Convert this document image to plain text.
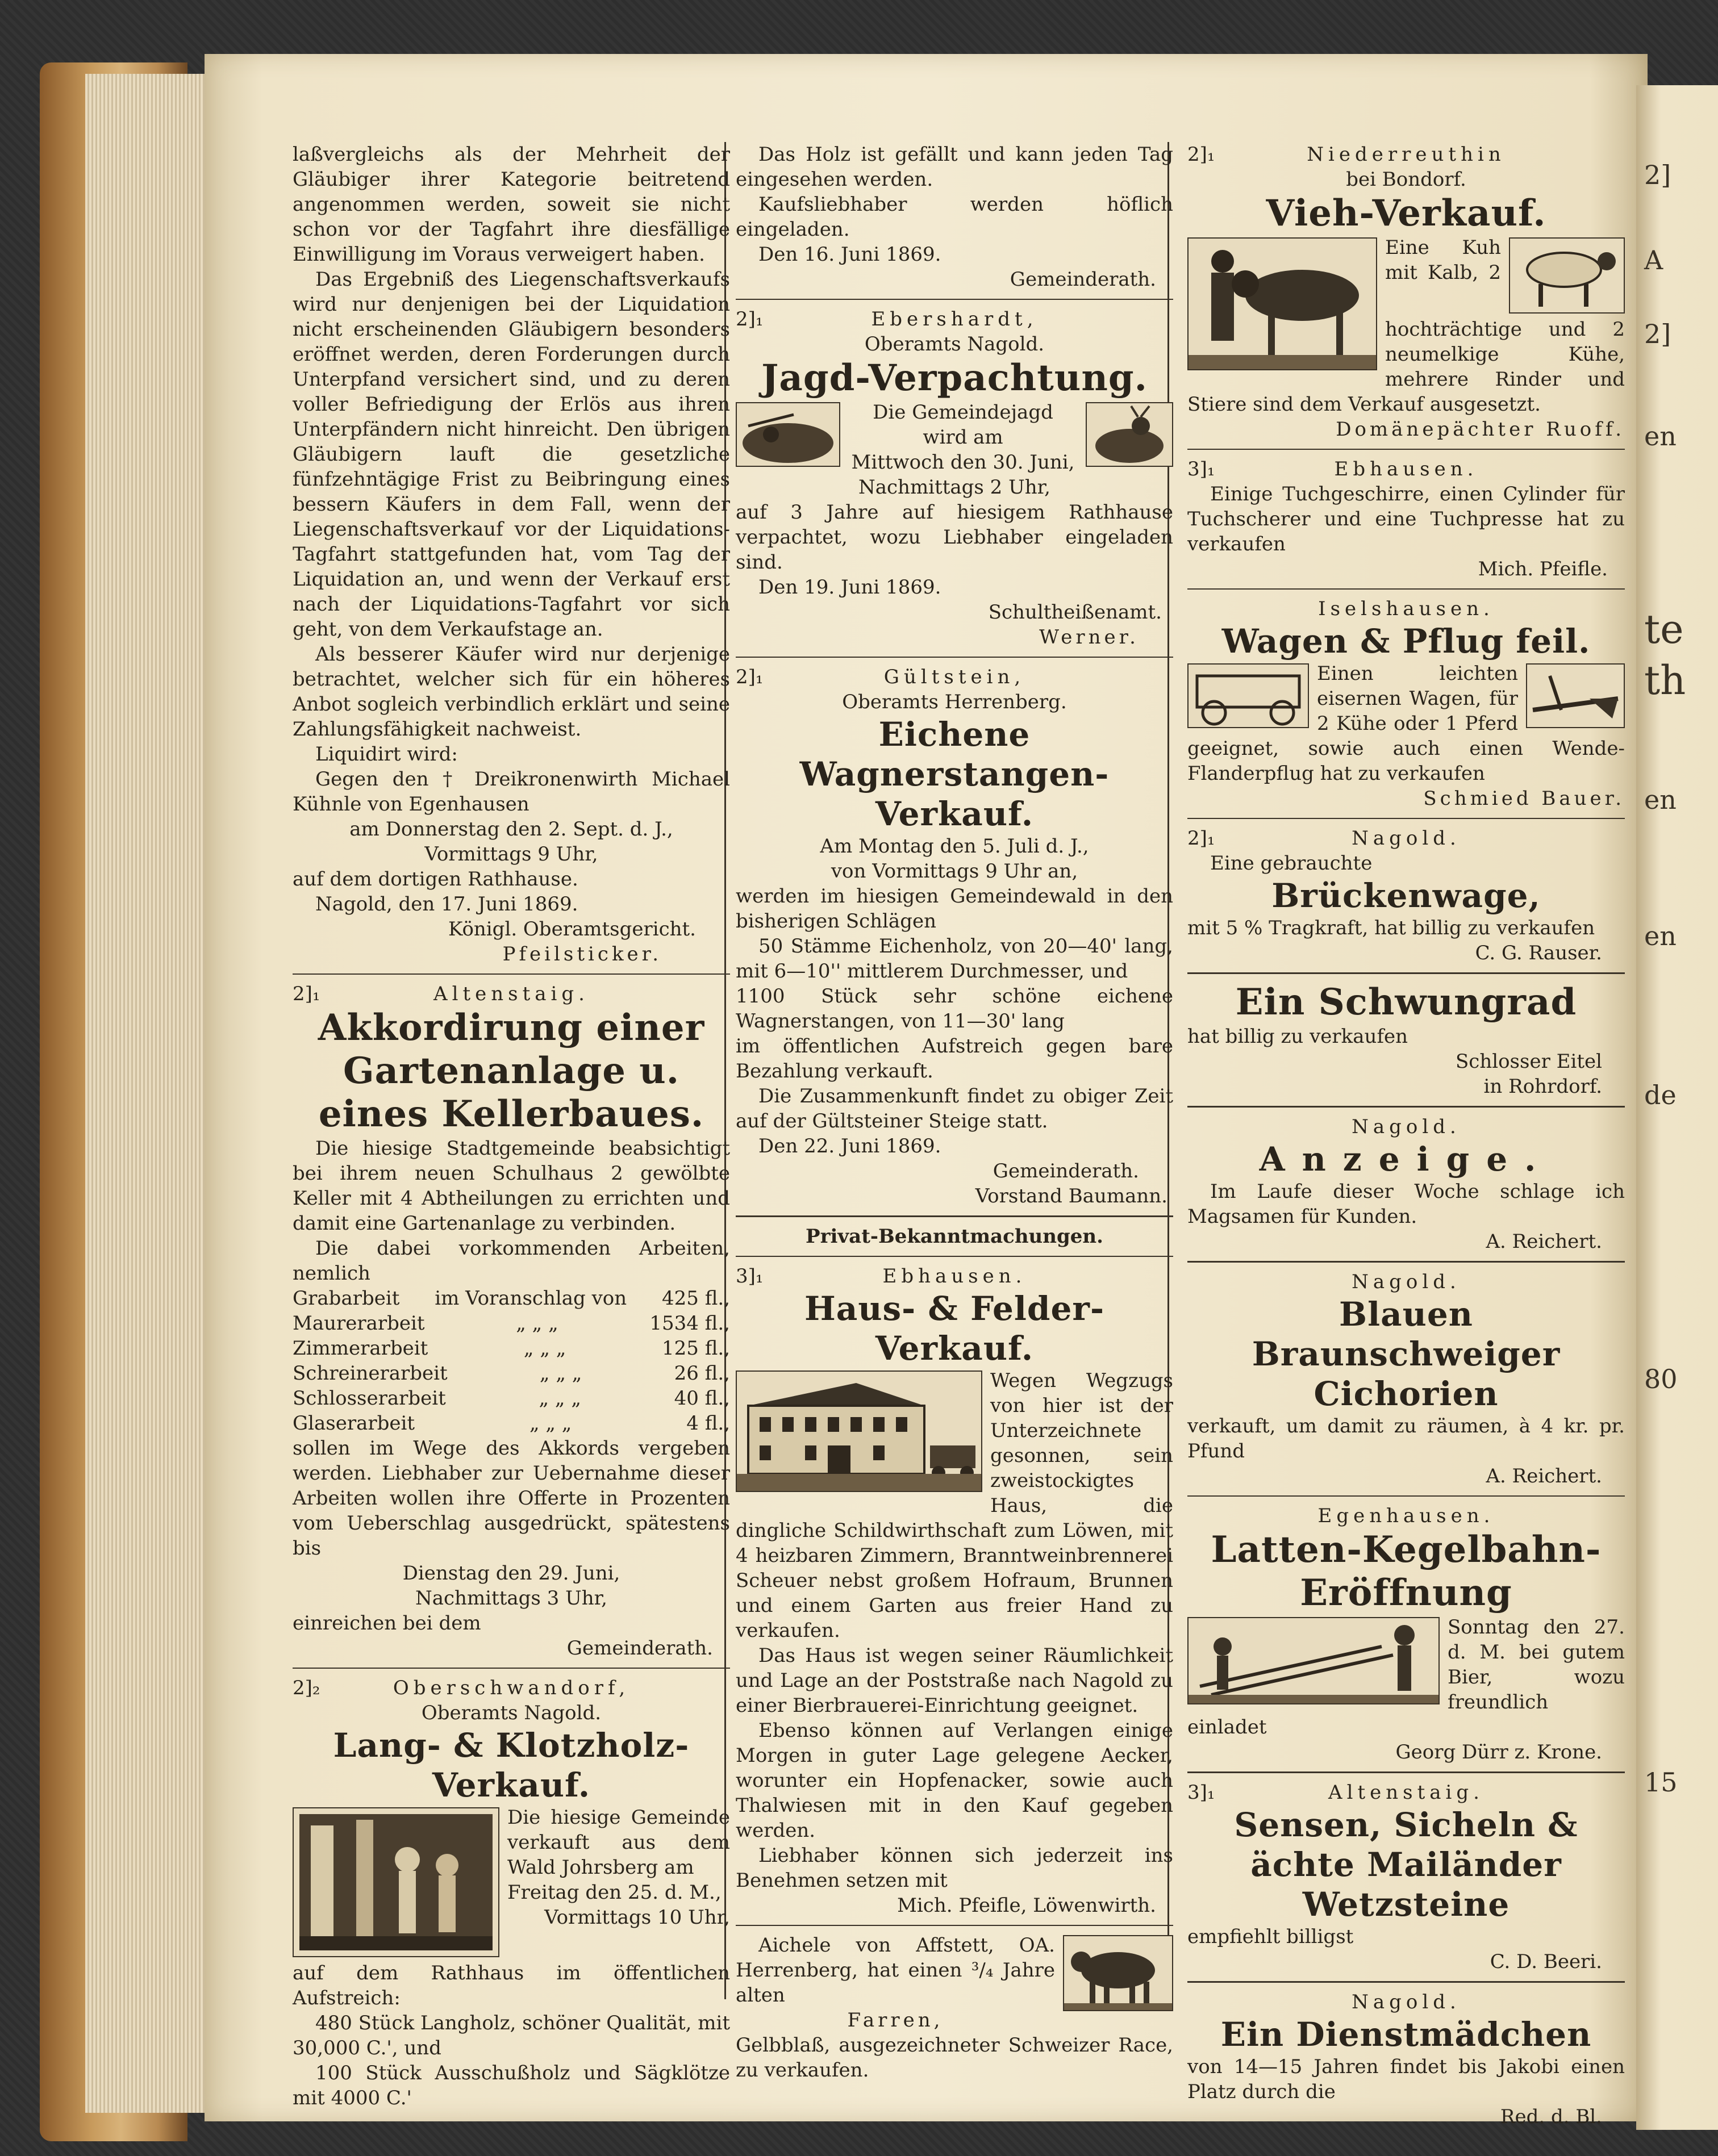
2]
A
2]
en
te
th
en
en
de
80
15

laßvergleichs als der Mehrheit der Gläubiger ihrer Kategorie beitretend angenommen werden, soweit sie nicht schon vor der Tagfahrt ihre diesfällige Einwilligung im Voraus verweigert haben.

Das Ergebniß des Liegenschaftsverkaufs wird nur denjenigen bei der Liquidation nicht erscheinenden Gläubigern besonders eröffnet werden, deren Forderungen durch Unterpfand versichert sind, und zu deren voller Befriedigung der Erlös aus ihren Unterpfändern nicht hinreicht. Den übrigen Gläubigern lauft die gesetzliche fünfzehntägige Frist zu Beibringung eines bessern Käufers in dem Fall, wenn der Liegenschaftsverkauf vor der Liquidations-Tagfahrt stattgefunden hat, vom Tag der Liquidation an, und wenn der Verkauf erst nach der Liquidations-Tagfahrt vor sich geht, von dem Verkaufstage an.

Als besserer Käufer wird nur derjenige betrachtet, welcher sich für ein höheres Anbot sogleich verbindlich erklärt und seine Zahlungsfähigkeit nachweist.

Liquidirt wird:

Gegen den † Dreikronenwirth Michael Kühnle von Egenhausen

am Donnerstag den 2. Sept. d. J.,

Vormittags 9 Uhr,

auf dem dortigen Rathhause.

Nagold, den 17. Juni 1869.

Königl. Oberamtsgericht.

Pfeilsticker.

2]₁	Altenstaig.

Akkordirung einer Gartenanlage u. eines Kellerbaues.

Die hiesige Stadtgemeinde beabsichtigt bei ihrem neuen Schulhaus 2 gewölbte Keller mit 4 Abtheilungen zu errichten und damit eine Gartenanlage zu verbinden.

Die dabei vorkommenden Arbeiten, nemlich

Grabarbeit im Voranschlag von 425 fl.,
Maurerarbeit	„ „ „	1534 fl.,
Zimmerarbeit	„ „ „	125 fl.,
Schreinerarbeit	„ „ „	26 fl.,
Schlosserarbeit	„ „ „	40 fl.,
Glaserarbeit	„ „ „	4 fl.,

sollen im Wege des Akkords vergeben werden. Liebhaber zur Uebernahme dieser Arbeiten wollen ihre Offerte in Prozenten vom Ueberschlag ausgedrückt, spätestens bis

Dienstag den 29. Juni,

Nachmittags 3 Uhr,

einreichen bei dem

Gemeinderath.

2]₂	Oberschwandorf,

Oberamts Nagold.

Lang- & Klotzholz-Verkauf.

Die hiesige Gemeinde verkauft aus dem Wald Johrsberg am

Freitag den 25. d. M.,

Vormittags 10 Uhr,

auf dem Rathhaus im öffentlichen Aufstreich:

480 Stück Langholz, schöner Qualität, mit 30,000 C.', und

100 Stück Ausschußholz und Sägklötze mit 4000 C.'

Das Holz ist gefällt und kann jeden Tag eingesehen werden.

Kaufsliebhaber werden höflich eingeladen.

Den 16. Juni 1869.

Gemeinderath.

2]₁	Ebershardt,

Oberamts Nagold.

Jagd-Verpachtung.

Die Gemeindejagd wird am

Mittwoch den 30. Juni,

Nachmittags 2 Uhr,

auf 3 Jahre auf hiesigem Rathhause verpachtet, wozu Liebhaber eingeladen sind.

Den 19. Juni 1869.

Schultheißenamt.

Werner.

2]₁	Gültstein,

Oberamts Herrenberg.

Eichene Wagnerstangen-Verkauf.

Am Montag den 5. Juli d. J.,

von Vormittags 9 Uhr an,

werden im hiesigen Gemeindewald in den bisherigen Schlägen

50 Stämme Eichenholz, von 20—40' lang, mit 6—10'' mittlerem Durchmesser, und

1100 Stück sehr schöne eichene Wagnerstangen, von 11—30' lang

im öffentlichen Aufstreich gegen bare Bezahlung verkauft.

Die Zusammenkunft findet zu obiger Zeit auf der Gültsteiner Steige statt.

Den 22. Juni 1869.

Gemeinderath.

Vorstand Baumann.

Privat-Bekanntmachungen.

3]₁	Ebhausen.

Haus- & Felder-Verkauf.

Wegen Wegzugs von hier ist der Unterzeichnete gesonnen, sein zweistockigtes Haus, die dingliche Schildwirthschaft zum Löwen, mit 4 heizbaren Zimmern, Branntweinbrennerei Scheuer nebst großem Hofraum, Brunnen und einem Garten aus freier Hand zu verkaufen.

Das Haus ist wegen seiner Räumlichkeit und Lage an der Poststraße nach Nagold zu einer Bierbrauerei-Einrichtung geeignet.

Ebenso können auf Verlangen einige Morgen in guter Lage gelegene Aecker, worunter ein Hopfenacker, sowie auch Thalwiesen mit in den Kauf gegeben werden.

Liebhaber können sich jederzeit ins Benehmen setzen mit

Mich. Pfeifle, Löwenwirth.

Aichele von Affstett, OA. Herrenberg, hat einen ³/₄ Jahre alten

Farren,

Gelbblaß, ausgezeichneter Schweizer Race, zu verkaufen.

2]₁	Niederreuthin

bei Bondorf.

Vieh-Verkauf.

Eine Kuh mit Kalb, 2 hochträchtige und 2 neumelkige Kühe, mehrere Rinder und Stiere sind dem Verkauf ausgesetzt.

Domänepächter Ruoff.

3]₁	Ebhausen.

Einige Tuchgeschirre, einen Cylinder für Tuchscherer und eine Tuchpresse hat zu verkaufen

Mich. Pfeifle.

Iselshausen.

Wagen & Pflug feil.

Einen leichten eisernen Wagen, für 2 Kühe oder 1 Pferd geeignet, sowie auch einen Wende-Flanderpflug hat zu verkaufen

Schmied Bauer.

2]₁	Nagold.

Eine gebrauchte

Brückenwage,

mit 5 % Tragkraft, hat billig zu verkaufen

C. G. Rauser.

Ein Schwungrad

hat billig zu verkaufen

Schlosser Eitel

in Rohrdorf.

Nagold.

Anzeige.

Im Laufe dieser Woche schlage ich Magsamen für Kunden.

A. Reichert.

Nagold.

Blauen Braunschweiger Cichorien

verkauft, um damit zu räumen, à 4 kr. pr. Pfund

A. Reichert.

Egenhausen.

Latten-Kegelbahn-Eröffnung

Sonntag den 27. d. M. bei gutem Bier, wozu freundlich einladet

Georg Dürr z. Krone.

3]₁	Altenstaig.

Sensen, Sicheln & ächte Mailänder Wetzsteine

empfiehlt billigst

C. D. Beeri.

Nagold.

Ein Dienstmädchen

von 14—15 Jahren findet bis Jakobi einen Platz durch die

Red. d. Bl.
